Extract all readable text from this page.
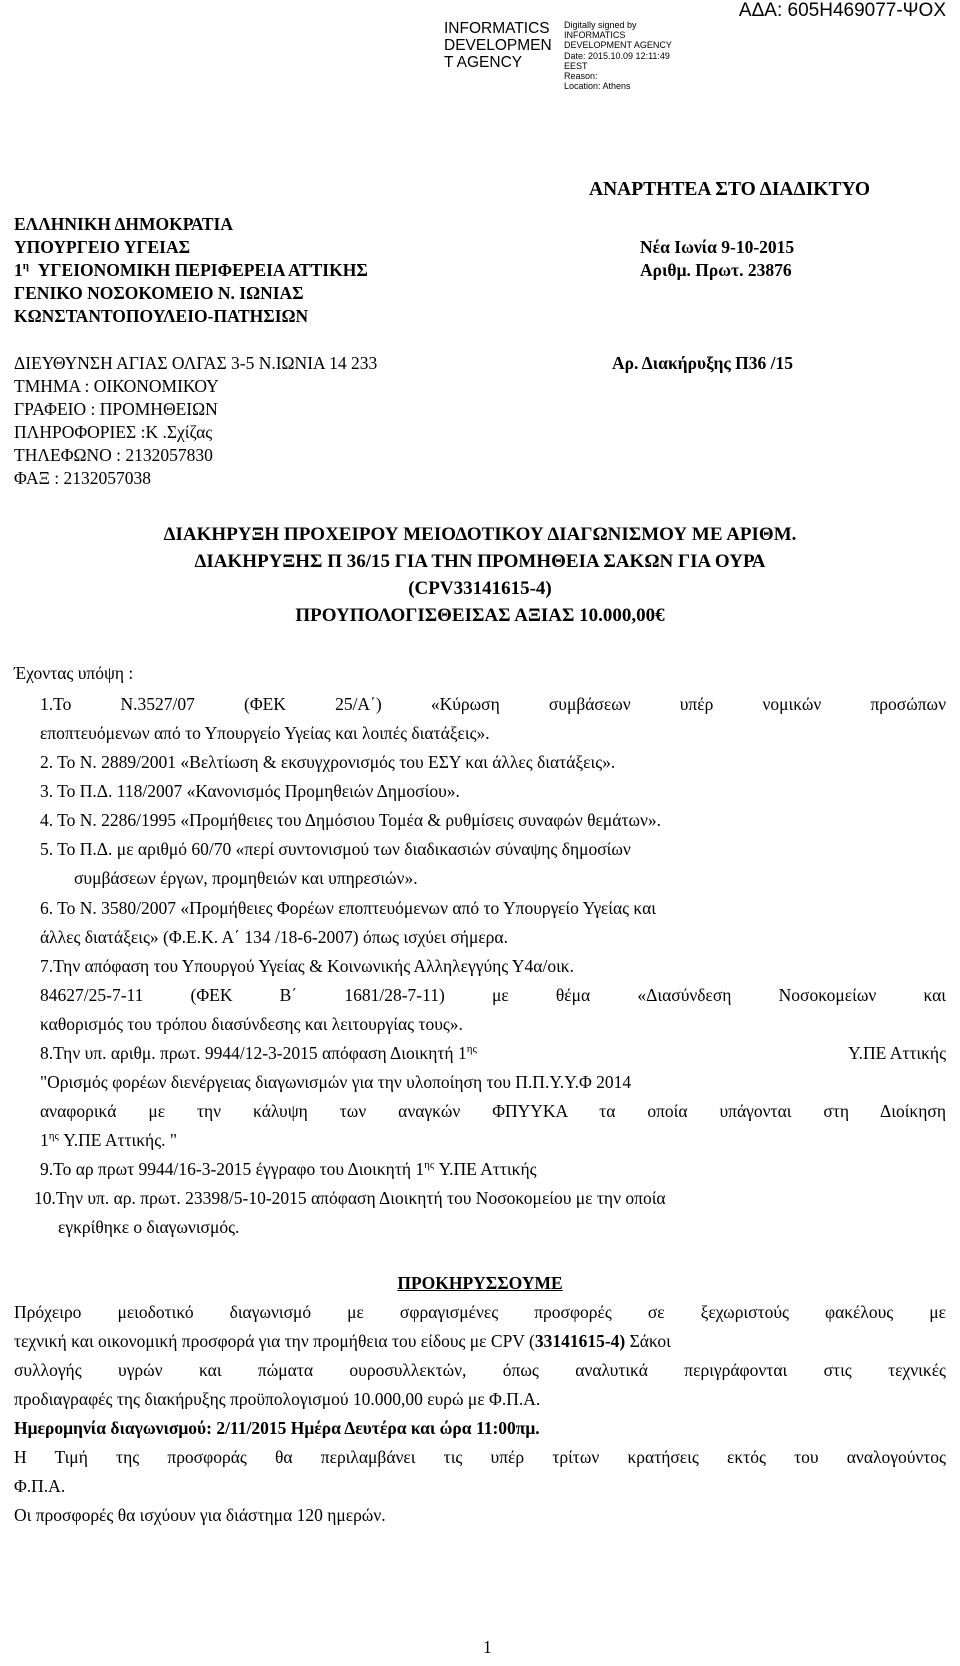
INFORMATICS
DEVELOPMEN
T AGENCY
Digitally signed by
INFORMATICS
DEVELOPMENT AGENCY
Date: 2015.10.09 12:11:49
EEST
Reason:
Location: Athens
ΑΔΑ: 605Η469077-ΨΟΧ
ΑΝΑΡΤΗΤΕΑ ΣΤΟ ΔΙΑΔΙΚΤΥΟ
ΕΛΛΗΝΙΚΗ ΔΗΜΟΚΡΑΤΙΑ
ΥΠΟΥΡΓΕΙΟ ΥΓΕΙΑΣ
$1^\eta$ ΥΓΕΙΟΝΟΜΙΚΗ ΠΕΡΙΦΕΡΕΙΑ ΑΤΤΙΚΗΣ
ΓΕΝΙΚΟ ΝΟΣΟΚΟΜΕΙΟ Ν. ΙΩΝΙΑΣ
ΚΩΝΣΤΑΝΤΟΠΟΥΛΕΙΟ-ΠΑΤΗΣΙΩΝ
Νέα Ιωνία 9-10-2015
Αριθμ. Πρωτ. 23876
Αρ. Διακήρυξης Π36 /15
ΔΙΕΥΘΥΝΣΗ ΑΓΙΑΣ ΟΛΓΑΣ 3-5 Ν.ΙΩΝΙΑ 14 233
ΤΜΗΜΑ : ΟΙΚΟΝΟΜΙΚΟΥ
ΓΡΑΦΕΙΟ : ΠΡΟΜΗΘΕΙΩΝ
ΠΛΗΡΟΦΟΡΙΕΣ :Κ .Σχίζας
ΤΗΛΕΦΩΝΟ : 2132057830
ΦΑΞ : 2132057038
ΔΙΑΚΗΡΥΞΗ ΠΡΟΧΕΙΡΟΥ ΜΕΙΟΔΟΤΙΚΟΥ ΔΙΑΓΩΝΙΣΜΟΥ ΜΕ ΑΡΙΘΜ.
ΔΙΑΚΗΡΥΞΗΣ Π 36/15 ΓΙΑ ΤΗΝ ΠΡΟΜΗΘΕΙΑ ΣΑΚΩΝ ΓΙΑ ΟΥΡΑ
(CPV33141615-4)
ΠΡΟΥΠΟΛΟΓΙΣΘΕΙΣΑΣ ΑΞΙΑΣ 10.000,00€
Έχοντας υπόψη :
1.Το Ν.3527/07 (ΦΕΚ 25/Α΄) «Κύρωση συμβάσεων υπέρ νομικών προσώπων
εποπτευόμενων από το Υπουργείο Υγείας και λοιπές διατάξεις».
2. Το Ν. 2889/2001 «Βελτίωση & εκσυγχρονισμός του ΕΣΥ και άλλες διατάξεις».
3. Το Π.Δ. 118/2007 «Κανονισμός Προμηθειών Δημοσίου».
4. Το Ν. 2286/1995 «Προμήθειες του Δημόσιου Τομέα & ρυθμίσεις συναφών θεμάτων».
5. Το Π.Δ. με αριθμό 60/70 «περί συντονισμού των διαδικασιών σύναψης δημοσίων
συμβάσεων έργων, προμηθειών και υπηρεσιών».
6. Το Ν. 3580/2007 «Προμήθειες Φορέων εποπτευόμενων από το Υπουργείο Υγείας και
άλλες διατάξεις» (Φ.Ε.Κ. Α΄ 134 /18-6-2007) όπως ισχύει σήμερα.
7.Την απόφαση του Υπουργού Υγείας & Κοινωνικής Αλληλεγγύης Υ4α/οικ.
84627/25-7-11 (ΦΕΚ Β΄ 1681/28-7-11) με θέμα «Διασύνδεση Νοσοκομείων και
καθορισμός του τρόπου διασύνδεσης και λειτουργίας τους».
8.Την υπ. αριθμ. πρωτ. 9944/12-3-2015 απόφαση Διοικητή $1^{\eta\varsigma}$	Υ.ΠΕ Αττικής
"Ορισμός φορέων διενέργειας διαγωνισμών για την υλοποίηση του Π.Π.Υ.Υ.Φ 2014
αναφορικά με την κάλυψη των αναγκών ΦΠΥΥΚΑ τα οποία υπάγονται στη Διοίκηση
$1^{\eta\varsigma}$ Υ.ΠΕ Αττικής. "
9.Το αρ πρωτ 9944/16-3-2015 έγγραφο του Διοικητή $1^{\eta\varsigma}$ Υ.ΠΕ Αττικής
10.Την υπ. αρ. πρωτ. 23398/5-10-2015 απόφαση Διοικητή του Νοσοκομείου με την οποία
εγκρίθηκε ο διαγωνισμός.
ΠΡΟΚΗΡΥΣΣΟΥΜΕ
Πρόχειρο μειοδοτικό διαγωνισμό με σφραγισμένες προσφορές σε ξεχωριστούς φακέλους με
τεχνική και οικονομική προσφορά για την προμήθεια του είδους με CPV (33141615-4) Σάκοι
συλλογής υγρών και πώματα ουροσυλλεκτών, όπως αναλυτικά περιγράφονται στις τεχνικές
προδιαγραφές της διακήρυξης προϋπολογισμού 10.000,00 ευρώ με Φ.Π.Α.
Ημερομηνία διαγωνισμού: 2/11/2015 Ημέρα Δευτέρα και ώρα 11:00πμ.
Η Τιμή της προσφοράς θα περιλαμβάνει τις υπέρ τρίτων κρατήσεις εκτός του αναλογούντος
Φ.Π.Α.
Οι προσφορές θα ισχύουν για διάστημα 120 ημερών.
1
